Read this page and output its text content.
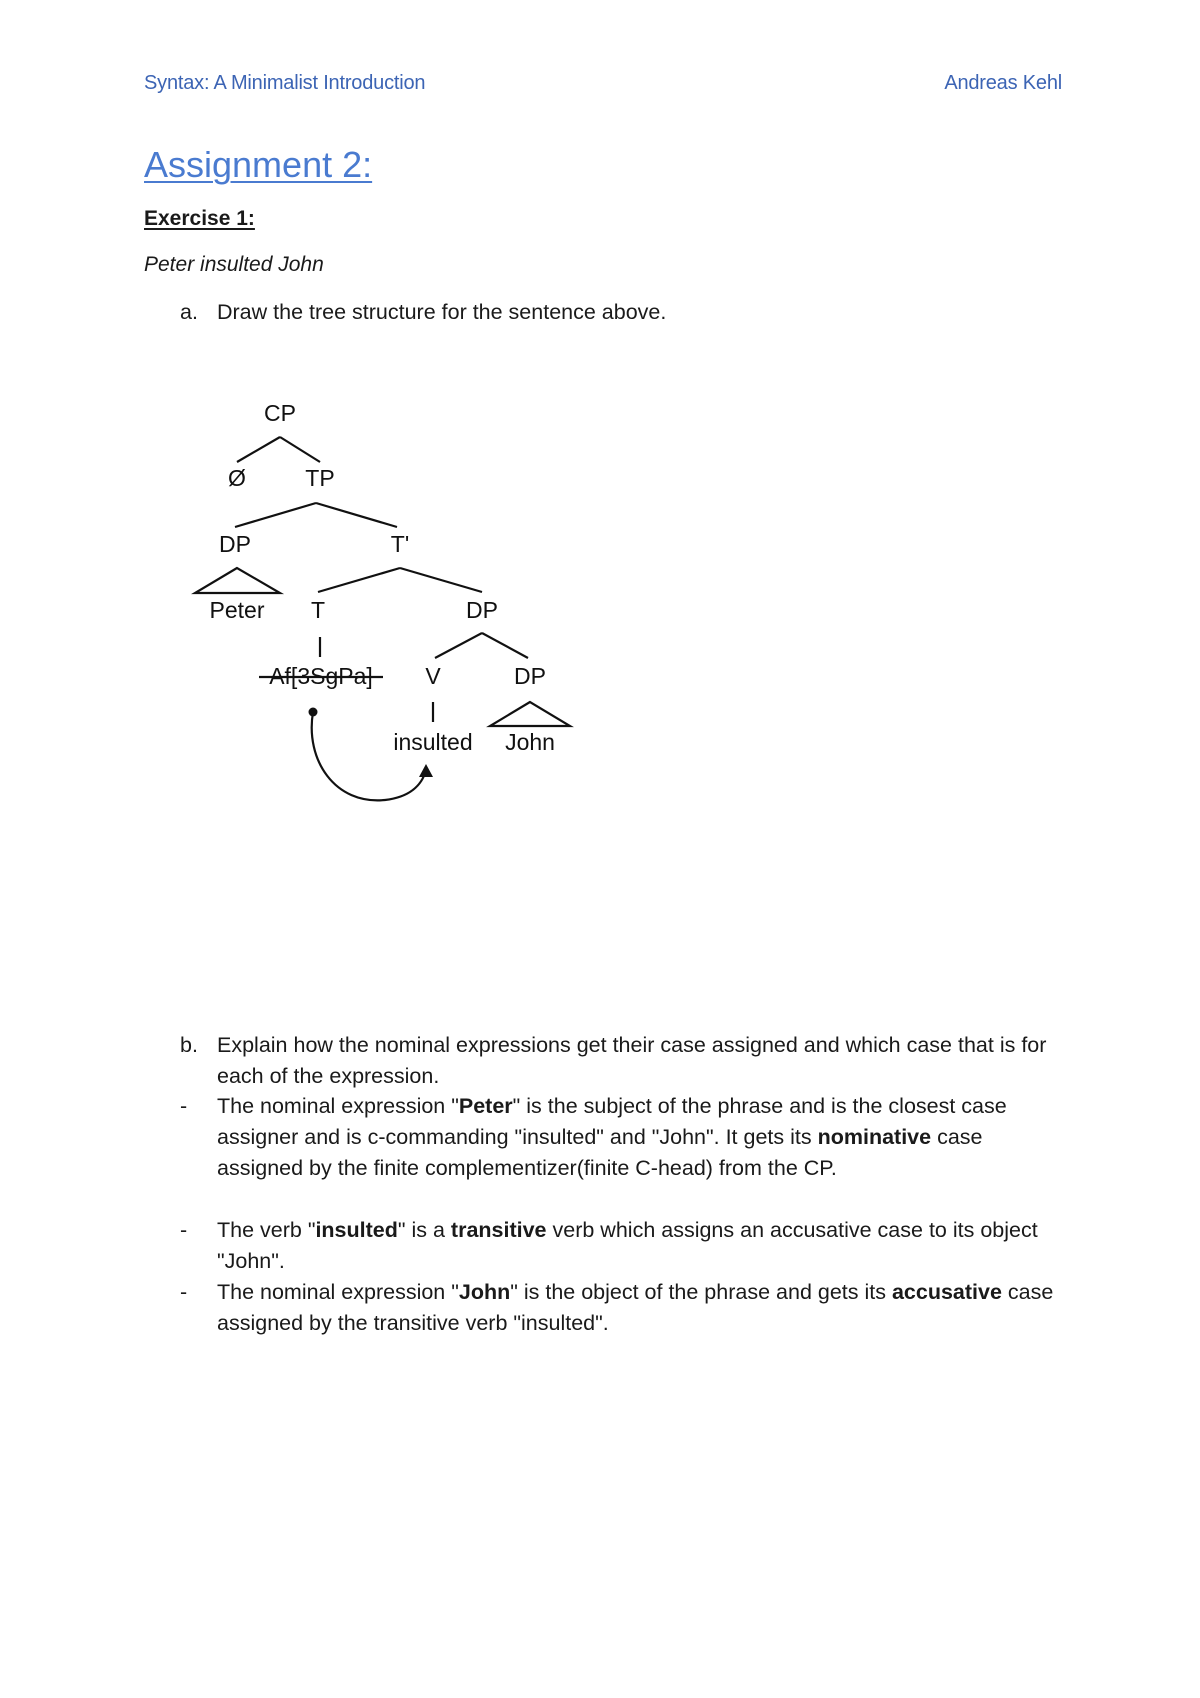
Syntax: A Minimalist Introduction	Andreas Kehl
Assignment 2:
Exercise 1:
Peter insulted John
a. Draw the tree structure for the sentence above.
CP
Ø	TP
DP	T'
Peter T	DP
Af[3SgPa] V	DP
insulted John
b. Explain how the nominal expressions get their case assigned and which case that is for each of the expression.
- The nominal expression "Peter" is the subject of the phrase and is the closest case assigner and is c-commanding "insulted" and "John". It gets its nominative case assigned by the finite complementizer(finite C-head) from the CP.
- The verb "insulted" is a transitive verb which assigns an accusative case to its object "John".
- The nominal expression "John" is the object of the phrase and gets its accusative case assigned by the transitive verb "insulted".
